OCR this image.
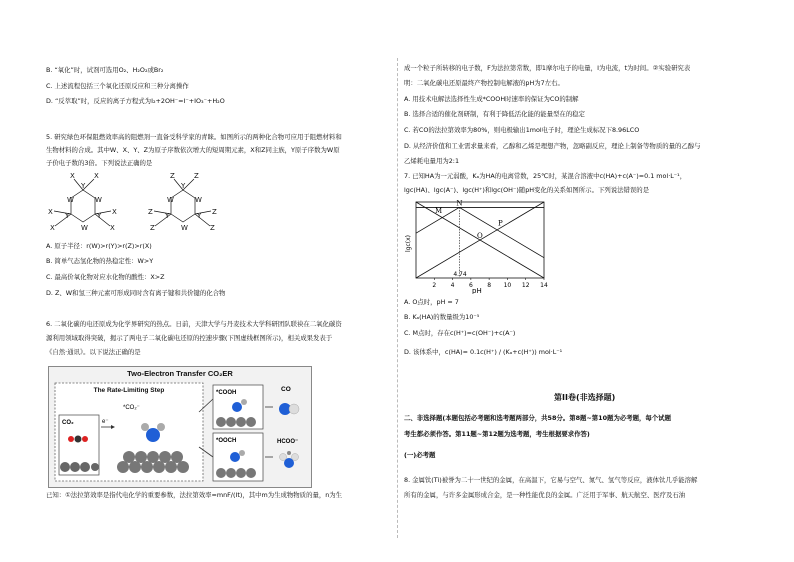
B. “氧化”时，试剂可选用O₂、H₂O₂或Br₂
C. 上述流程包括三个氧化还原反应和三种分离操作
D. “反萃取”时，反应的离子方程式为I₂+2OH⁻=I⁻+IO₃⁻+H₂O
5. 研究绿色环保阻燃效率高的阻燃剂一直备受科学家的青睐。如图所示的两种化合物可应用于阻燃材料和
生物材料的合成。其中W、X、Y、Z为原子序数依次增大的短周期元素，X和Z同主族，Y原子序数为W原
子价电子数的3倍。下列说法正确的是
X	X
Y
W	W
Y	Y
W
X
X
X
X
Z	Z
Y
W	W
Y	Y
W
Z
Z
Z
Z
A. 原子半径：r(W)>r(Y)>r(Z)>r(X)
B. 简单气态氢化物的热稳定性：W>Y
C. 最高价氧化物对应水化物的酸性：X>Z
D. Z、W和氢三种元素可形成同时含有离子键和共价键的化合物
6. 二氧化碳的电还原成为化学界研究的热点。日前，天津大学与丹麦技术大学科研团队联袂在二氧化碳资
源利用领域取得突破，揭示了两电子二氧化碳电还原的控速步骤(下图虚线框图所示)，相关成果发表于
《自然·通讯》。以下说法正确的是
Two-Electron Transfer CO₂ER
The Rate-Limiting Step
CO₂	e⁻
*CO₂⁻
*COOH
*OOCH
CO
HCOO⁻
已知：①法拉第效率是指代电化学的重要参数，法拉第效率=mnF/(It)，其中m为生成物物质的量，n为生
成一个粒子所转移的电子数，F为法拉第常数，即1摩尔电子的电量，I为电流，t为时间。②实验研究表
明：二氧化碳电还原最终产物控制电解液的pH为7左右。
A. 用技术电解法选择性生成*COOH时速率的保证为CO的制解
B. 选择合适的催化剂研制，有利于降低活化能的能量型在的稳定
C. 若CO的法拉第效率为80%，则电极输出1mol电子时，理论生成标况下8.96LCO
D. 从经济价值和工业需求量来看，乙醇和乙烯是理想产物，忽略副反应，理论上制备等物质的量的乙醇与
乙烯耗电量用为2:1
7. 已知HA为一元弱酸，Kₐ为HA的电离常数，25℃时，某混合溶液中c(HA)+c(A⁻)=0.1 mol·L⁻¹，
lgc(HA)、lgc(A⁻)、lgc(H⁺)和lgc(OH⁻)随pH变化的关系如图所示。下列说法错误的是
M
N
O
P
4.74
2 4 6 8 10 12 14
pH
lgc(x)
A. O点时，pH = 7
B. Kₐ(HA)的数量级为10⁻⁵
C. M点时，存在c(H⁺)=c(OH⁻)+c(A⁻)
D. 该体系中，c(HA)= 0.1c(H⁺) / (Kₐ+c(H⁺)) mol·L⁻¹
第II卷(非选择题)
二、非选择题(本题包括必考题和选考题两部分，共58分。第8题~第10题为必考题，每个试题
考生都必须作答。第11题~第12题为选考题，考生根据要求作答)
(一)必考题
8. 金属钛(Ti)被誉为二十一世纪的金属，在高温下，它易与空气、氮气、氢气等反应，液体钛几乎能溶解
所有的金属，与许多金属形成合金，是一种性能优良的金属。广泛用于军事、航天航空、医疗及石油
